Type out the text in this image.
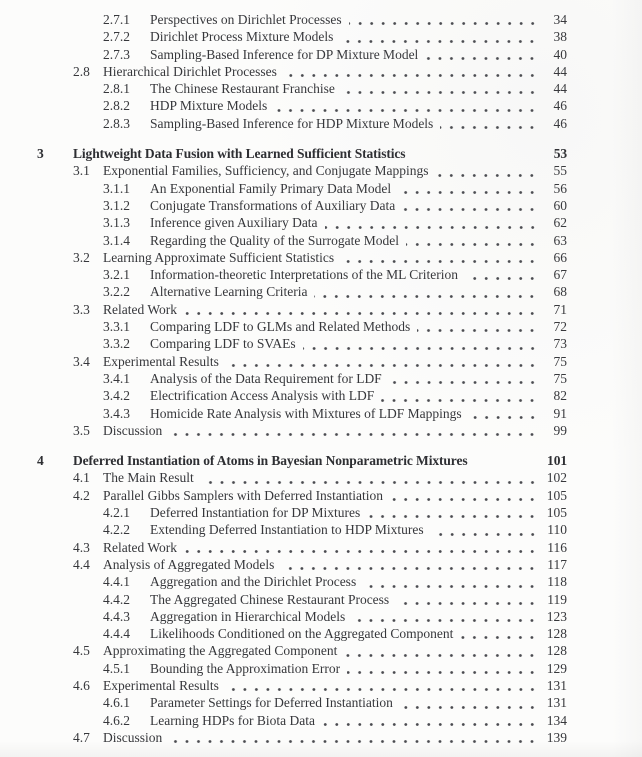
2.7.1	Perspectives on Dirichlet Processes	34
2.7.2	Dirichlet Process Mixture Models	38
2.7.3	Sampling-Based Inference for DP Mixture Model	40
2.8 Hierarchical Dirichlet Processes	44
2.8.1	The Chinese Restaurant Franchise	44
2.8.2	HDP Mixture Models	46
2.8.3	Sampling-Based Inference for HDP Mixture Models	46
3	Lightweight Data Fusion with Learned Sufficient Statistics	53
3.1 Exponential Families, Sufficiency, and Conjugate Mappings	55
3.1.1	An Exponential Family Primary Data Model	56
3.1.2	Conjugate Transformations of Auxiliary Data	60
3.1.3	Inference given Auxiliary Data	62
3.1.4	Regarding the Quality of the Surrogate Model	63
3.2 Learning Approximate Sufficient Statistics	66
3.2.1	Information-theoretic Interpretations of the ML Criterion	67
3.2.2	Alternative Learning Criteria	68
3.3 Related Work	71
3.3.1	Comparing LDF to GLMs and Related Methods	72
3.3.2	Comparing LDF to SVAEs	73
3.4 Experimental Results	75
3.4.1	Analysis of the Data Requirement for LDF	75
3.4.2	Electrification Access Analysis with LDF	82
3.4.3	Homicide Rate Analysis with Mixtures of LDF Mappings	91
3.5 Discussion	99
4	Deferred Instantiation of Atoms in Bayesian Nonparametric Mixtures	101
4.1 The Main Result	102
4.2 Parallel Gibbs Samplers with Deferred Instantiation	105
4.2.1	Deferred Instantiation for DP Mixtures	105
4.2.2	Extending Deferred Instantiation to HDP Mixtures	110
4.3 Related Work	116
4.4 Analysis of Aggregated Models	117
4.4.1	Aggregation and the Dirichlet Process	118
4.4.2	The Aggregated Chinese Restaurant Process	119
4.4.3	Aggregation in Hierarchical Models	123
4.4.4	Likelihoods Conditioned on the Aggregated Component	128
4.5 Approximating the Aggregated Component	128
4.5.1	Bounding the Approximation Error	129
4.6 Experimental Results	131
4.6.1	Parameter Settings for Deferred Instantiation	131
4.6.2	Learning HDPs for Biota Data	134
4.7 Discussion	139
